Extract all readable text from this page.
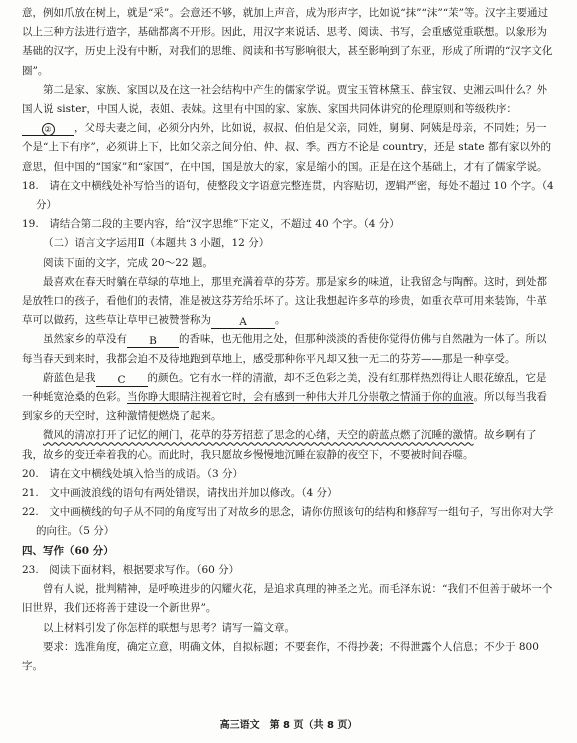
意，例如爪放在树上，就是“采”。会意还不够，就加上声音，成为形声字，比如说“抹”“沫”“茉”等。汉字主要通过以上三种方法进行造字，基础都离不开形。因此，用汉字来说话、思考、阅读、书写，会重感觉重联想。以象形为基础的汉字，历史上没有中断，对我们的思维、阅读和书写影响很大，甚至影响到了东亚，形成了所谓的“汉字文化圈”。

第二是家、家族、家国以及在这一社会结构中产生的儒家学说。贾宝玉管林黛玉、薛宝钗、史湘云叫什么？外国人说 sister，中国人说，表姐、表妹。这里有中国的家、家族、家国共同体讲究的伦理原则和等级秩序：② ，父母夫妻之间，必须分内外，比如说，叔叔、伯伯是父亲，同姓，舅舅、阿姨是母亲，不同姓；另一个是“上下有序”，必须讲上下，比如父亲之间分伯、仲、叔、季。西方不论是 country，还是 state 都有家以外的意思，但中国的“国家”和“家国”，在中国，国是放大的家，家是缩小的国。正是在这个基础上，才有了儒家学说。

18.　请在文中横线处补写恰当的语句，使整段文字语意完整连贯，内容贴切，逻辑严密，每处不超过 10 个字。（4 分）

19.　请结合第二段的主要内容，给“汉字思维”下定义，不超过 40 个字。（4 分）

（二）语言文字运用Ⅱ（本题共 3 小题，12 分）

阅读下面的文字，完成 20～22 题。

最喜欢在春天时躺在草绿的草地上，那里充满着草的芬芳。那是家乡的味道，让我留念与陶醉。这时，到处都是放牲口的孩子，看他们的表情，准是被这芬芳给乐坏了。这让我想起许多草的珍贵，如重衣草可用来装饰，牛革草可以做药，这些草让草甲已被赞誉称为	A	。

虽然家乡的草没有 B 的香味，也无他用之处，但那种淡淡的香使你觉得仿佛与自然融为一体了。所以每当春天到来时，我都会迫不及待地跑到草地上，感受那种你平凡却又独一无二的芬芳——那是一种享受。

蔚蓝色是我 C 的颜色。它有水一样的清澈，却不乏色彩之美，没有红那样热烈得让人眼花缭乱，它是一种蚝宽沧桑的色彩。当你睁大眼睛注视着它时，会有感到一种伟大并几分崇敬之情涌于你的血液。所以每当我看到家乡的天空时，这种激情便燃烧了起来。

微风的清凉打开了记忆的闸门，花草的芬芳招惹了思念的心绪，天空的蔚蓝点燃了沉睡的激情。故乡啊有了我，故乡的变迁牵着我的心。而此时，我只愿故乡慢慢地沉睡在寂静的夜空下，不要被时间吞噬。

20.　请在文中横线处填入恰当的成语。（3 分）

21.　文中画波浪线的语句有两处错误，请找出并加以修改。（4 分）

22.　文中画横线的句子从不同的角度写出了对故乡的思念，请你仿照该句的结构和修辞写一组句子，写出你对大学的向往。（5 分）

四、写作（60 分）

23.　阅读下面材料，根据要求写作。（60 分）

曾有人说，批判精神，是呼唤进步的闪耀火花，是追求真理的神圣之光。而毛泽东说：“我们不但善于破坏一个旧世界，我们还将善于建设一个新世界”。

以上材料引发了你怎样的联想与思考？请写一篇文章。

要求：选准角度，确定立意，明确文体，自拟标题；不要套作，不得抄袭；不得泄露个人信息；不少于 800 字。

高三语文　第 8 页（共 8 页）
